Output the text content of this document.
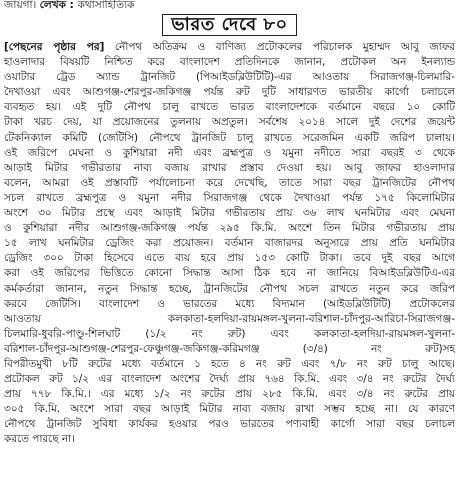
জায়গা। লেখক : কথাসাহিত্যিক
ভারত দেবে ৮০
[পেছনের পৃষ্ঠার পর] নৌপথ অতিক্রম ও বাণিজ্য প্রটোকলের পরিচালক মুহাম্মদ আবু জাফর
হাওলাদার বিষয়টি নিশ্চিত করে বাংলাদেশ প্রতিদিনকে জানান, প্রটোকল অন ইনল্যান্ড
ওয়াটার ট্রেড অ্যান্ড ট্রানজিট (পিআইডব্লিউটিটি)-এর আওতায় সিরাজগঞ্জ-চিলমারি-
দৈখাওয়া এবং আশুগঞ্জ-শেরপুর-জকিগঞ্জ পর্যন্ত রুট দুটি সাধারণত ভারতীয় কার্গো চলাচলে
ব্যবহৃত হয়। এই দুটি নৌপথ চালু রাখতে ভারত বাংলাদেশকে বর্তমানে বছরে ১০ কোটি
টাকা খরচ দেয়, যা প্রয়োজনের তুলনায় অপ্রতুল। সর্বশেষ ২০১৪ সালে দুই দেশের জয়েন্ট
টেকনিক্যাল কমিটি (জেটিসি) নৌপথে ট্রানজিট চালু রাখতে সরেজমিন একটি জরিপ চালায়।
ওই জরিপে মেঘনা ও কুশিয়ারা নদী এবং ব্রহ্মপুত্র ও যমুনা নদীতে সারা বছরই ৩ থেকে
আড়াই মিটার গভীরতার নাব্য বজায় রাখার প্রস্তাব দেওয়া হয়। আবু জাফর হাওলাদার
বলেন, আমরা ওই প্রস্তাবটি পর্যালোচনা করে দেখেছি, তাতে সারা বছর ট্রানজিটের নৌপথ
সচল রাখতে ব্রহ্মপুত্র ও যমুনা নদীর সিরাজগঞ্জ থেকে দৈখাওয়া পর্যন্ত ১৭৫ কিলোমিটার
অংশে ৩০ মিটার প্রস্থে এবং আড়াই মিটার গভীরতায় প্রায় ৩৬ লাখ ঘনমিটার এবং মেঘনা
ও কুশিয়ারা নদীর আশুগঞ্জ-জকিগঞ্জ পর্যন্ত ২৯৫ কি.মি. অংশে তিন মিটার গভীরতায় প্রায়
১৫ লাখ ঘনমিটার ড্রেজিং করা প্রয়োজন। বর্তমান বাজারদর অনুসারে প্রায় প্রতি ঘনমিটার
ড্রেজিং ৩০০ টাকা হিসেবে এতে ব্যয় হবে প্রায় ১৫৩ কোটি টাকা। তবে দুই বছর আগে
করা ওই জরিপের ভিত্তিতে কোনো সিদ্ধান্ত আসা ঠিক হবে না জানিয়ে বিআইডব্লিউটিএ-এর
কর্মকর্তারা জানান, নতুন সিদ্ধান্ত হচ্ছে, ট্রানজিটের নৌপথ সচল রাখতে নতুন করে জরিপ
করবে জেটিসি। বাংলাদেশ ও ভারতের মধ্যে বিদ্যমান (আইডব্লিউটিটি) প্রটোকলের
আওতায় কলকাতা-হলদিয়া-রায়মঙ্গল-খুলনা-বরিশাল-চাঁদপুর-আরিচা-সিরাজগঞ্জ-
চিলমারি-ধুবরি-পাণ্ডু-শিলঘাট (১/২ নং রুট) এবং কলকাতা-হলদিয়া-রায়মঙ্গল-খুলনা-
বরিশাল-চাঁদপুর-আশুগঞ্জ-শেরপুর-ফেঞ্চুগঞ্জ-জকিগঞ্জ-করিমগঞ্জ (৩/৪) নং রুট)সহ
বিপরীতমুখী ৮টি রুটের মধ্যে বর্তমানে ১ হতে ৪ নং রুট এবং ৭/৮ নং রুট চালু আছে।
প্রটোকল রুট ১/২ এর বাংলাদেশ অংশের দৈর্ঘ্য প্রায় ৭৬৪ কি.মি. এবং ৩/৪ নং রুটের দৈর্ঘ্য
প্রায় ৭৭৮ কি.মি.। এর মধ্যে ১/২ নং রুটের প্রায় ২৮৫ কি.মি. এবং ৩/৪ নং রুটের প্রায়
৩০৫ কি.মি. অংশে সারা বছর আড়াই মিটার নাব্য বজায় রাখা সম্ভব হচ্ছে না। যে কারণে
নৌপথে ট্রানজিট সুবিধা কার্যকর হওয়ার পরও ভারতের পণ্যবাহী কার্গো সারা বছর চলাচল
করতে পারছে না।
